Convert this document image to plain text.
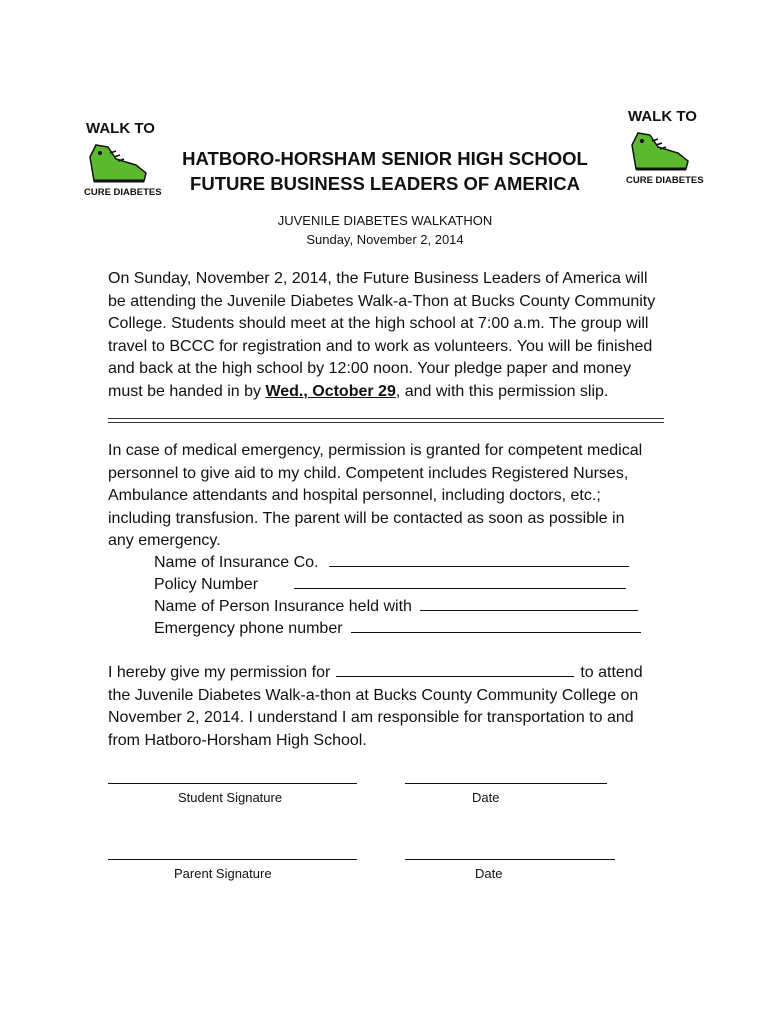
WALK TO
CURE DIABETES
WALK TO
CURE DIABETES
HATBORO-HORSHAM SENIOR HIGH SCHOOL
FUTURE BUSINESS LEADERS OF AMERICA
JUVENILE DIABETES WALKATHON
Sunday, November 2, 2014
On Sunday, November 2, 2014, the Future Business Leaders of America will
be attending the Juvenile Diabetes Walk-a-Thon at Bucks County Community
College. Students should meet at the high school at 7:00 a.m. The group will
travel to BCCC for registration and to work as volunteers. You will be finished
and back at the high school by 12:00 noon. Your pledge paper and money
must be handed in by Wed., October 29, and with this permission slip.
In case of medical emergency, permission is granted for competent medical
personnel to give aid to my child. Competent includes Registered Nurses,
Ambulance attendants and hospital personnel, including doctors, etc.;
including transfusion. The parent will be contacted as soon as possible in
any emergency.
Name of Insurance Co.
Policy Number
Name of Person Insurance held with
Emergency phone number
I hereby give my permission for	to attend
the Juvenile Diabetes Walk-a-thon at Bucks County Community College on
November 2, 2014. I understand I am responsible for transportation to and
from Hatboro-Horsham High School.
Student Signature	Date
Parent Signature	Date
